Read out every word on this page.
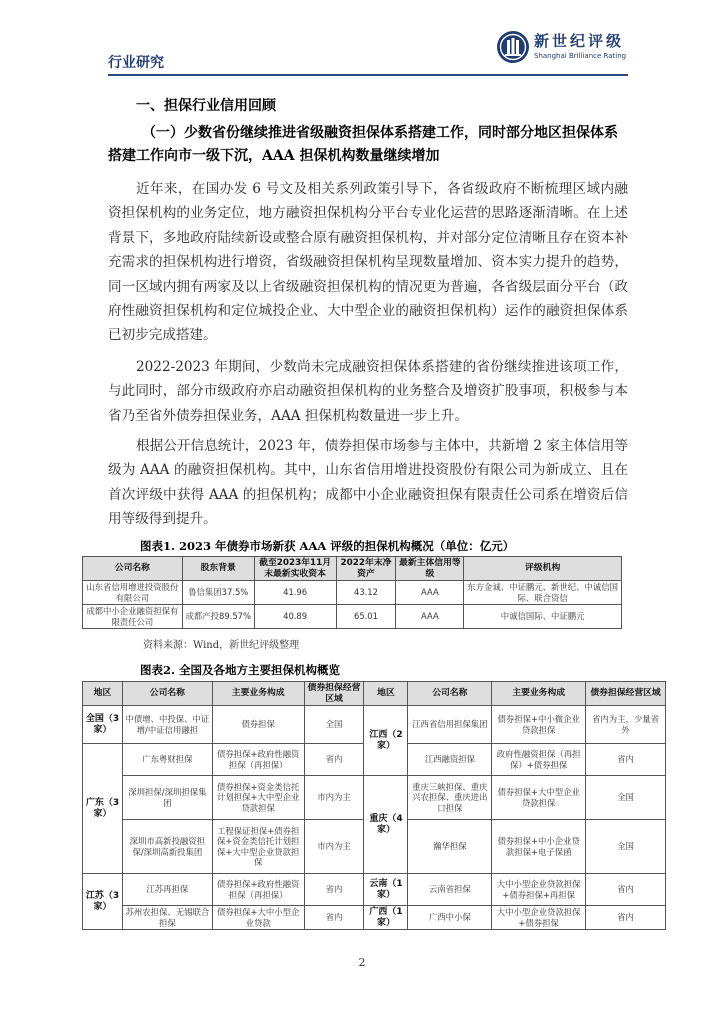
行业研究
新世纪评级
Shanghai Brilliance Rating
一、担保行业信用回顾
（一）少数省份继续推进省级融资担保体系搭建工作，同时部分地区担保体系搭建工作向市一级下沉，AAA 担保机构数量继续增加
近年来，在国办发 6 号文及相关系列政策引导下，各省级政府不断梳理区域内融资担保机构的业务定位，地方融资担保机构分平台专业化运营的思路逐渐清晰。在上述背景下，多地政府陆续新设或整合原有融资担保机构，并对部分定位清晰且存在资本补充需求的担保机构进行增资，省级融资担保机构呈现数量增加、资本实力提升的趋势，同一区域内拥有两家及以上省级融资担保机构的情况更为普遍，各省级层面分平台（政府性融资担保机构和定位城投企业、大中型企业的融资担保机构）运作的融资担保体系已初步完成搭建。
2022-2023 年期间，少数尚未完成融资担保体系搭建的省份继续推进该项工作，与此同时，部分市级政府亦启动融资担保机构的业务整合及增资扩股事项，积极参与本省乃至省外债券担保业务，AAA 担保机构数量进一步上升。
根据公开信息统计，2023 年，债券担保市场参与主体中，共新增 2 家主体信用等级为 AAA 的融资担保机构。其中，山东省信用增进投资股份有限公司为新成立、且在首次评级中获得 AAA 的担保机构；成都中小企业融资担保有限责任公司系在增资后信用等级得到提升。
图表1. 2023 年债券市场新获 AAA 评级的担保机构概况（单位：亿元）
公司名称	股东背景	截至2023年11月末最新实收资本	2022年末净资产	最新主体信用等级	评级机构
山东省信用增进投资股份有限公司	鲁信集团37.5%	41.96	43.12	AAA	东方金诚、中证鹏元、新世纪、中诚信国际、联合资信
成都中小企业融资担保有限责任公司	成都产投89.57%	40.89	65.01	AAA	中诚信国际、中证鹏元
资料来源：Wind，新世纪评级整理
图表2. 全国及各地方主要担保机构概览
地区	公司名称	主要业务构成	债券担保经营区域	地区	公司名称	主要业务构成	债券担保经营区域
全国（3家）	中债增、中投保、中证增/中证信用融担	债券担保	全国	江西（2家）	江西省信用担保集团	债券担保+中小微企业贷款担保	省内为主，少量省外
广东（3家）	广东粤财担保	债券担保+政府性融资担保（再担保）	省内		江西融资担保	政府性融资担保（再担保）+债券担保	省内
	深圳担保/深圳担保集团	债券担保+资金类信托计划担保+大中型企业贷款担保	市内为主	重庆（4家）	重庆三峡担保、重庆兴农担保、重庆进出口担保	债券担保+大中型企业贷款担保	全国
	深圳市高新投融资担保/深圳高新投集团	工程保证担保+债券担保+资金类信托计划担保+大中型企业贷款担保	市内为主		瀚华担保	债券担保+中小企业贷款担保+电子保函	全国
江苏（3家）	江苏再担保	债券担保+政府性融资担保（再担保）	省内	云南（1家）	云南省担保	大中小型企业贷款担保+债券担保+再担保	省内
	苏州农担保、无锡联合担保	债券担保+大中小型企业贷款	省内	广西（1家）	广西中小保	大中小型企业贷款担保+债券担保	省内
2
